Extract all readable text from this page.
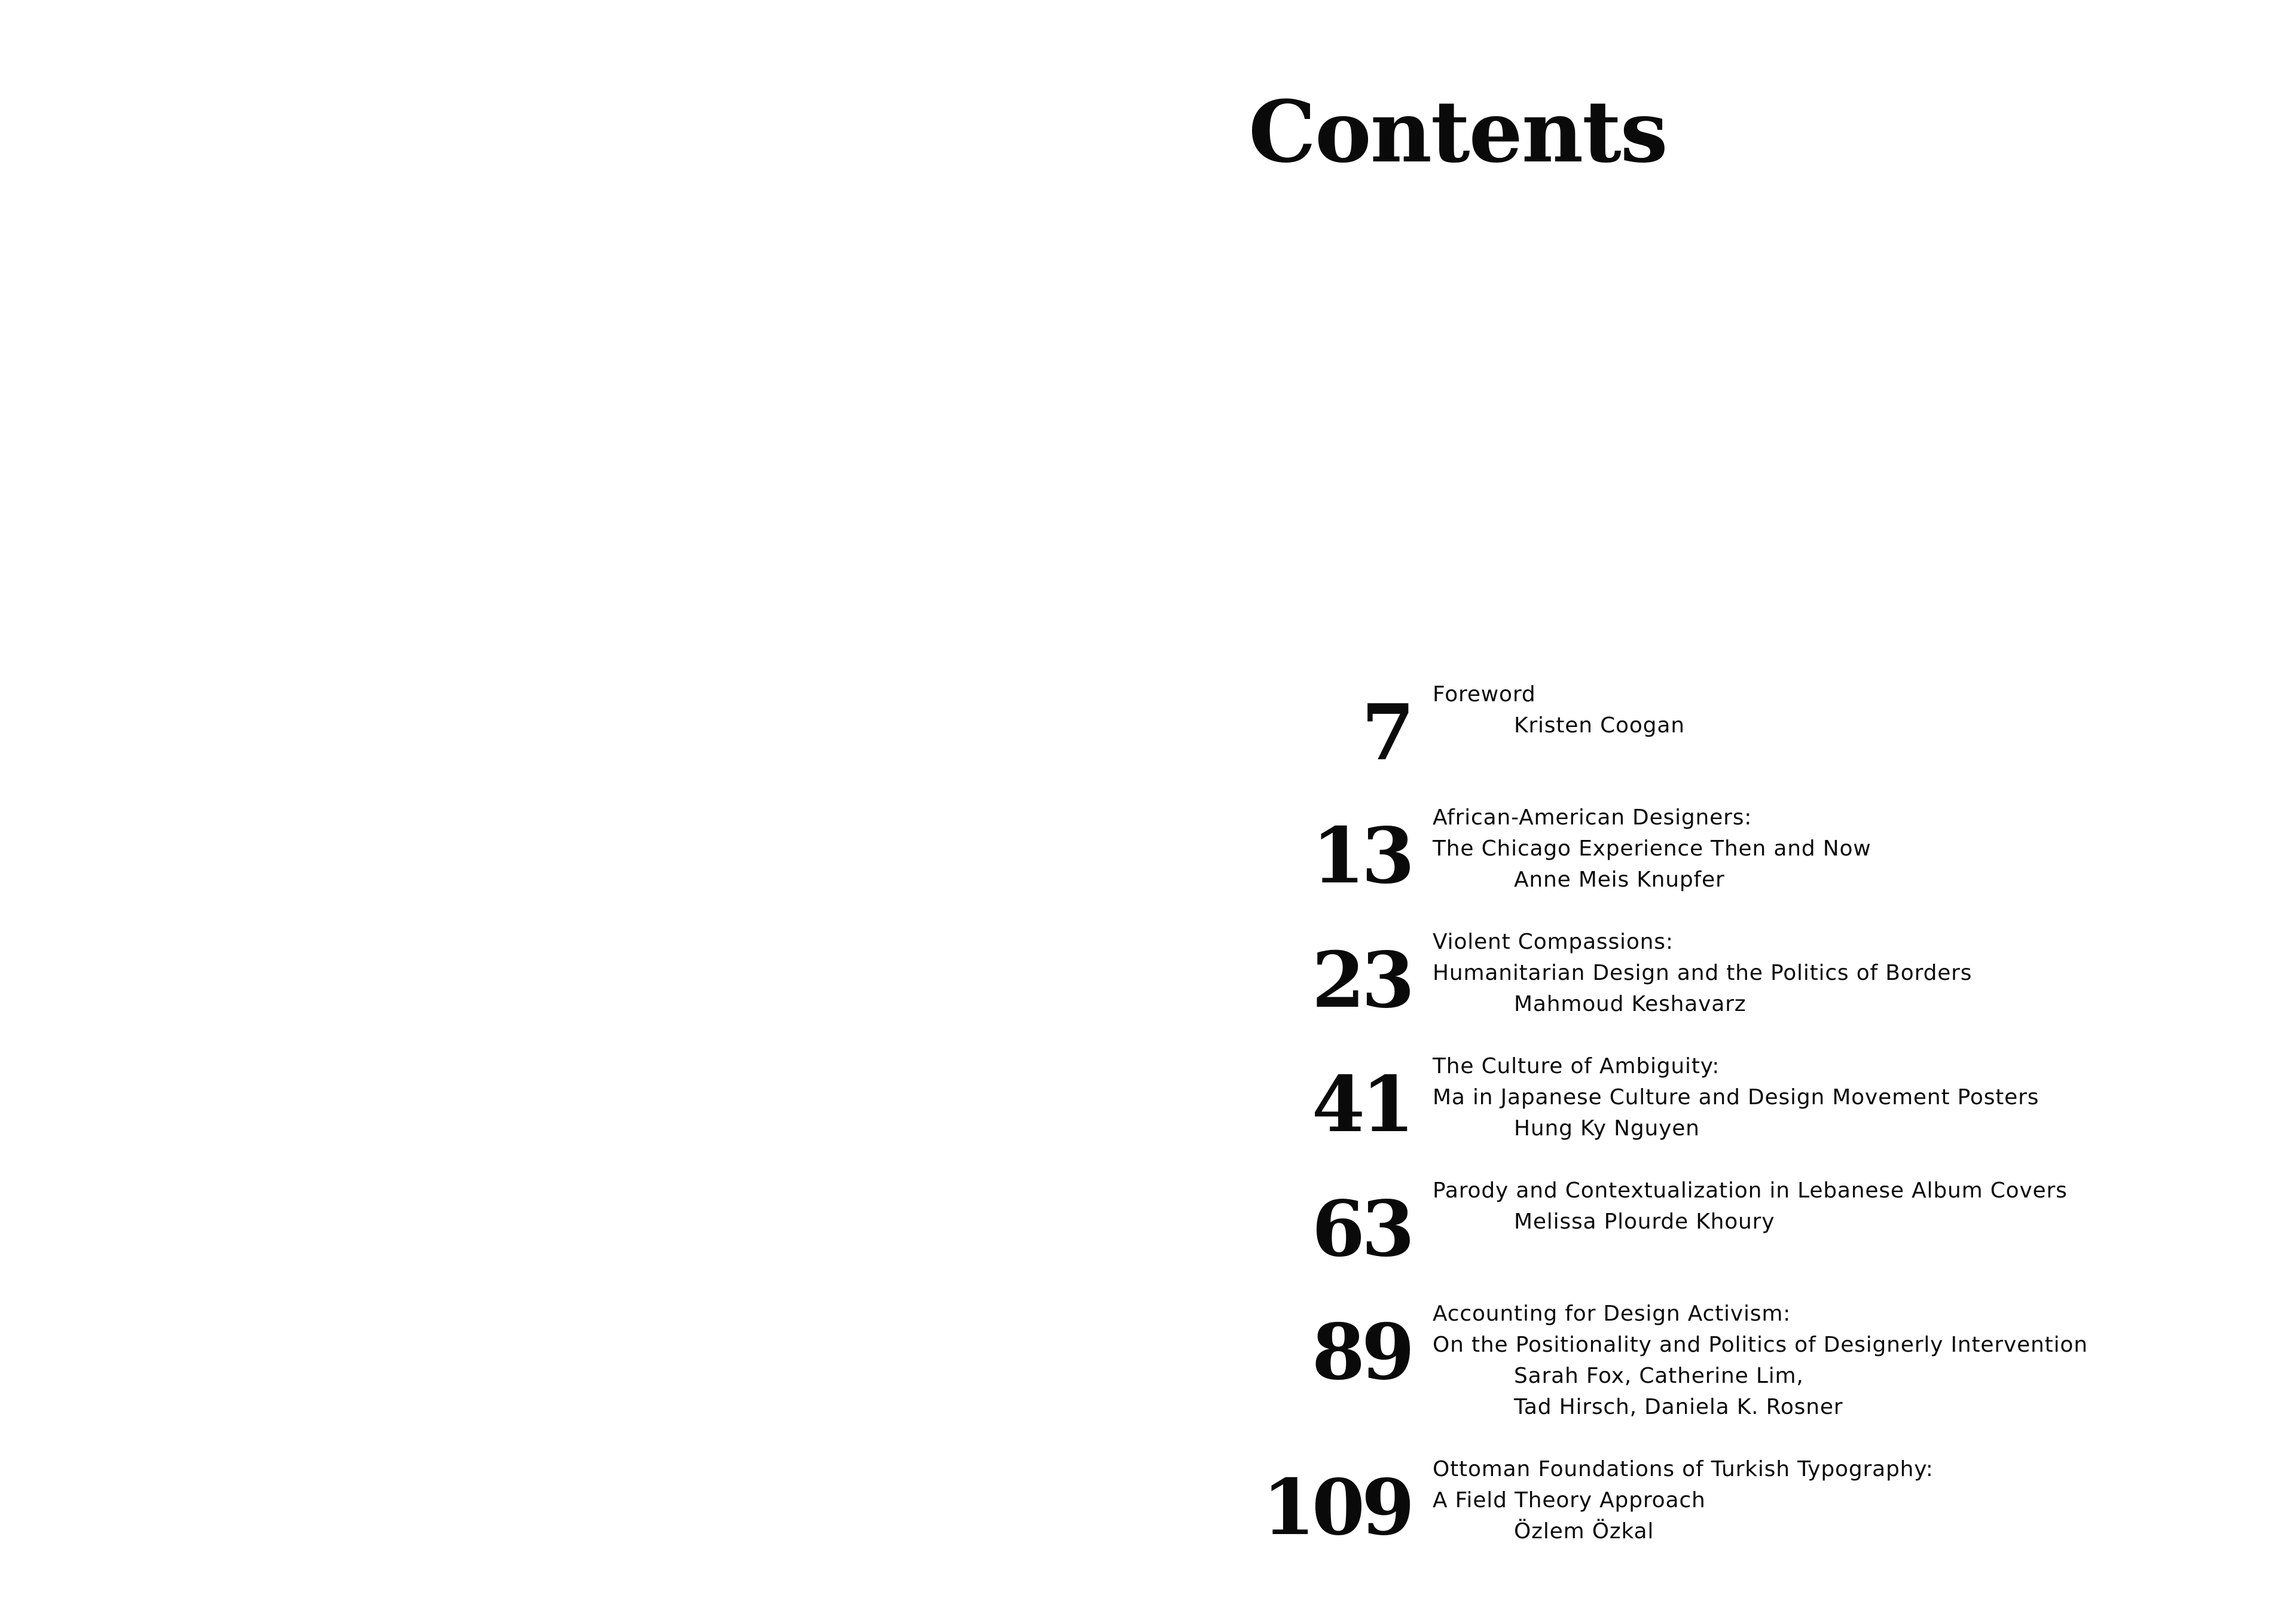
Contents
7 Foreword
Kristen Coogan
13 African-American Designers:
The Chicago Experience Then and Now
Anne Meis Knupfer
23 Violent Compassions:
Humanitarian Design and the Politics of Borders
Mahmoud Keshavarz
41 The Culture of Ambiguity:
Ma in Japanese Culture and Design Movement Posters
Hung Ky Nguyen
63 Parody and Contextualization in Lebanese Album Covers
Melissa Plourde Khoury
89 Accounting for Design Activism:
On the Positionality and Politics of Designerly Intervention
Sarah Fox, Catherine Lim,
Tad Hirsch, Daniela K. Rosner
109 Ottoman Foundations of Turkish Typography:
A Field Theory Approach
Özlem Özkal
